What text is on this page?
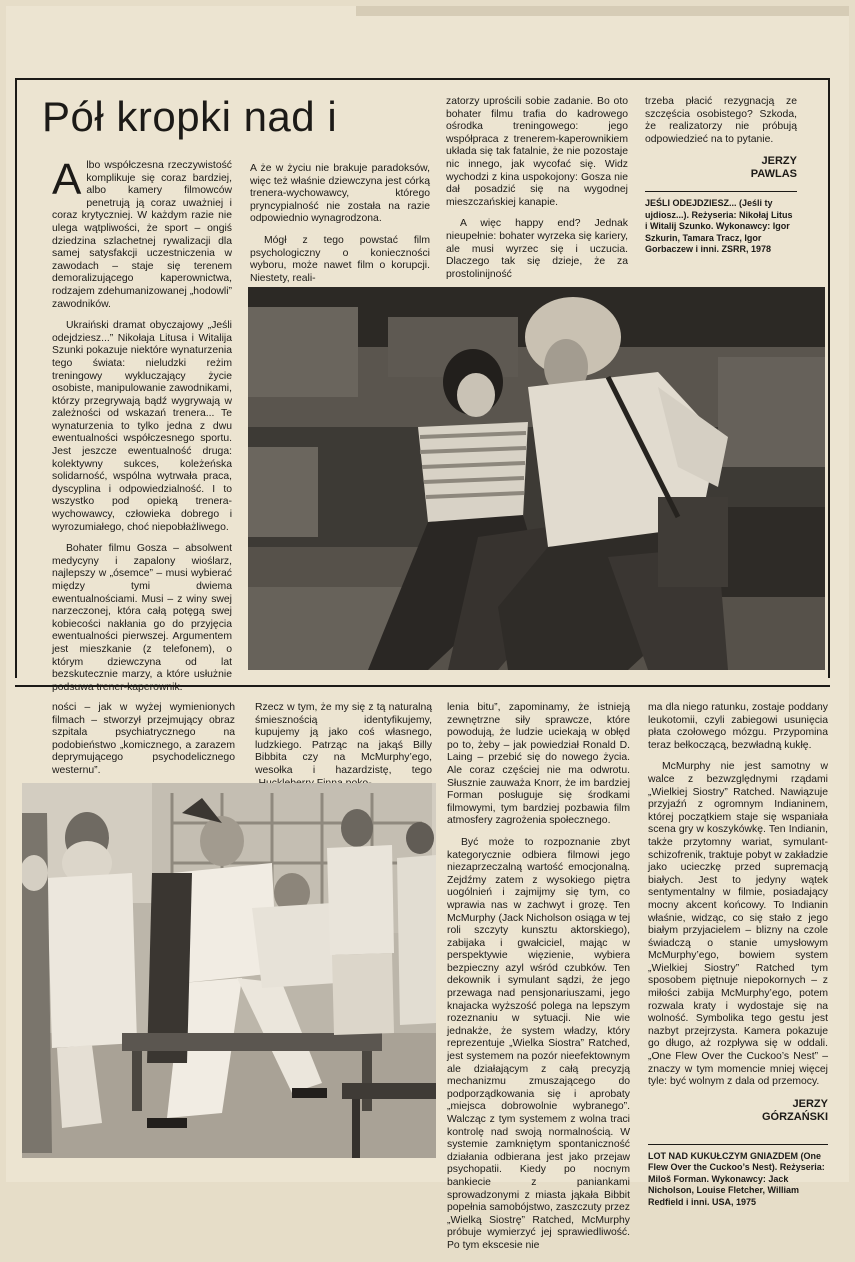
Pół kropki nad i

Albo współczesna rzeczywistość komplikuje się coraz bardziej, albo kamery filmowców penetrują ją coraz uważniej i coraz krytyczniej. W każdym razie nie ulega wątpliwości, że sport – ongiś dziedzina szlachetnej rywalizacji dla samej satysfakcji uczestniczenia w zawodach – staje się terenem demoralizującego kaperownictwa, rodzajem zdehumanizowanej „hodowli” zawodników.

Ukraiński dramat obyczajowy „Jeśli odejdziesz...” Nikołaja Litusa i Witalija Szunki pokazuje niektóre wynaturzenia tego świata: nieludzki reżim treningowy wykluczający życie osobiste, manipulowanie zawodnikami, którzy przegrywają bądź wygrywają w zależności od wskazań trenera... Te wynaturzenia to tylko jedna z dwu ewentualności współczesnego sportu. Jest jeszcze ewentualność druga: kolektywny sukces, koleżeńska solidarność, wspólna wytrwała praca, dyscyplina i odpowiedzialność. I to wszystko pod opieką trenera-wychowawcy, człowieka dobrego i wyrozumiałego, choć niepobłażliwego.

Bohater filmu Gosza – absolwent medycyny i zapalony wioślarz, najlepszy w „ósemce” – musi wybierać między tymi dwiema ewentualnościami. Musi – z winy swej narzeczonej, która całą potęgą swej kobiecości nakłania go do przyjęcia ewentualności pierwszej. Argumentem jest mieszkanie (z telefonem), o którym dziewczyna od lat bezskutecznie marzy, a które usłużnie podsuwa trener-kaperownik.

A że w życiu nie brakuje paradoksów, więc też właśnie dziewczyna jest córką trenera-wychowawcy, którego pryncypialność nie została na razie odpowiednio wynagrodzona.

Mógł z tego powstać film psychologiczny o konieczności wyboru, może nawet film o korupcji. Niestety, reali-

zatorzy uprościli sobie zadanie. Bo oto bohater filmu trafia do kadrowego ośrodka treningowego: jego współpraca z trenerem-kaperownikiem układa się tak fatalnie, że nie pozostaje nic innego, jak wycofać się. Widz wychodzi z kina uspokojony: Gosza nie dał posadzić się na wygodnej mieszczańskiej kanapie.

A więc happy end? Jednak nieupełnie: bohater wyrzeka się kariery, ale musi wyrzec się i uczucia. Dlaczego tak się dzieje, że za prostolinijność

trzeba płacić rezygnacją ze szczęścia osobistego? Szkoda, że realizatorzy nie próbują odpowiedzieć na to pytanie.

JERZY
PAWLAS
JEŚLI ODEJDZIESZ... (Jeśli ty ujdiosz...). Reżyseria: Nikołaj Litus i Witalij Szunko. Wykonawcy: Igor Szkurin, Tamara Tracz, Igor Gorbaczew i inni. ZSRR, 1978

ności – jak w wyżej wymienionych filmach – stworzył przejmujący obraz szpitala psychiatrycznego na podobieństwo „komicznego, a zarazem deprymującego psychodelicznego westernu”.

Rzecz w tym, że my się z tą naturalną śmiesznością identyfikujemy, kupujemy ją jako coś własnego, ludzkiego. Patrząc na jakąś Billy Bibbita czy na McMurphy’ego, wesołka i hazardzistę, tego

lenia bitu”, zapominamy, że istnieją zewnętrzne siły sprawcze, które powodują, że ludzie uciekają w obłęd po to, żeby – jak powiedział Ronald D. Laing – przebić się do nowego życia. Ale coraz częściej nie ma odwrotu. Słusznie zauważa Knorr, że im bardziej Forman posługuje się środkami filmowymi, tym bardziej pozbawia film atmosfery zagrożenia społecznego.

Być może to rozpoznanie zbyt kategorycznie odbiera filmowi jego niezaprzeczalną wartość emocjonalną. Zejdźmy zatem z wysokiego piętra uogólnień i zajmijmy się tym, co wprawia nas w zachwyt i grozę. Ten McMurphy (Jack Nicholson osiąga w tej roli szczyty kunsztu aktorskiego), zabijaka i gwałciciel, mając w perspektywie więzienie, wybiera bezpieczny azyl wśród czubków. Ten dekownik i symulant sądzi, że jego przewaga nad pensjonariuszami, jego knajacka wyższość polega na lepszym rozeznaniu w sytuacji. Nie wie jednakże, że system władzy, który reprezentuje „Wielka Siostra” Ratched, jest systemem na pozór nieefektownym ale działającym z całą precyzją mechanizmu zmuszającego do podporządkowania się i aprobaty „miejsca dobrowolnie wybranego”. Walcząc z tym systemem z wolna traci kontrolę nad swoją normalnością. W systemie zamkniętym spontaniczność działania odbierana jest jako przejaw psychopatii. Kiedy po nocnym bankiecie z paniankami sprowadzonymi z miasta jąkała Bibbit popełnia samobójstwo, zaszczuty przez „Wielką Siostrę” Ratched, McMurphy próbuje wymierzyć jej sprawiedliwość. Po tym ekscesie nie

ma dla niego ratunku, zostaje poddany leukotomii, czyli zabiegowi usunięcia płata czołowego mózgu. Przypomina teraz bełkoczącą, bezwładną kukłę.

McMurphy nie jest samotny w walce z bezwzględnymi rządami „Wielkiej Siostry” Ratched. Nawiązuje przyjaźń z ogromnym Indianinem, której początkiem staje się wspaniała scena gry w koszykówkę. Ten Indianin, także przytomny wariat, symulant-schizofrenik, traktuje pobyt w zakładzie jako ucieczkę przed supremacją białych. Jest to jedyny wątek sentymentalny w filmie, posiadający mocny akcent końcowy. To Indianin właśnie, widząc, co się stało z jego białym przyjacielem – blizny na czole świadczą o stanie umysłowym McMurphy’ego, bowiem system „Wielkiej Siostry” Ratched tym sposobem piętnuje niepokornych – z miłości zabija McMurphy’ego, potem rozwala kraty i wydostaje się na wolność. Symbolika tego gestu jest nazbyt przejrzysta. Kamera pokazuje go długo, aż rozpływa się w oddali. „One Flew Over the Cuckoo’s Nest” – znaczy w tym momencie mniej więcej tyle: być wolnym z dala od przemocy.

JERZY
GÓRZAŃSKI
LOT NAD KUKUŁCZYM GNIAZDEM (One Flew Over the Cuckoo’s Nest). Reżyseria: Miloš Forman. Wykonawcy: Jack Nicholson, Louise Fletcher, William Redfield i inni. USA, 1975
